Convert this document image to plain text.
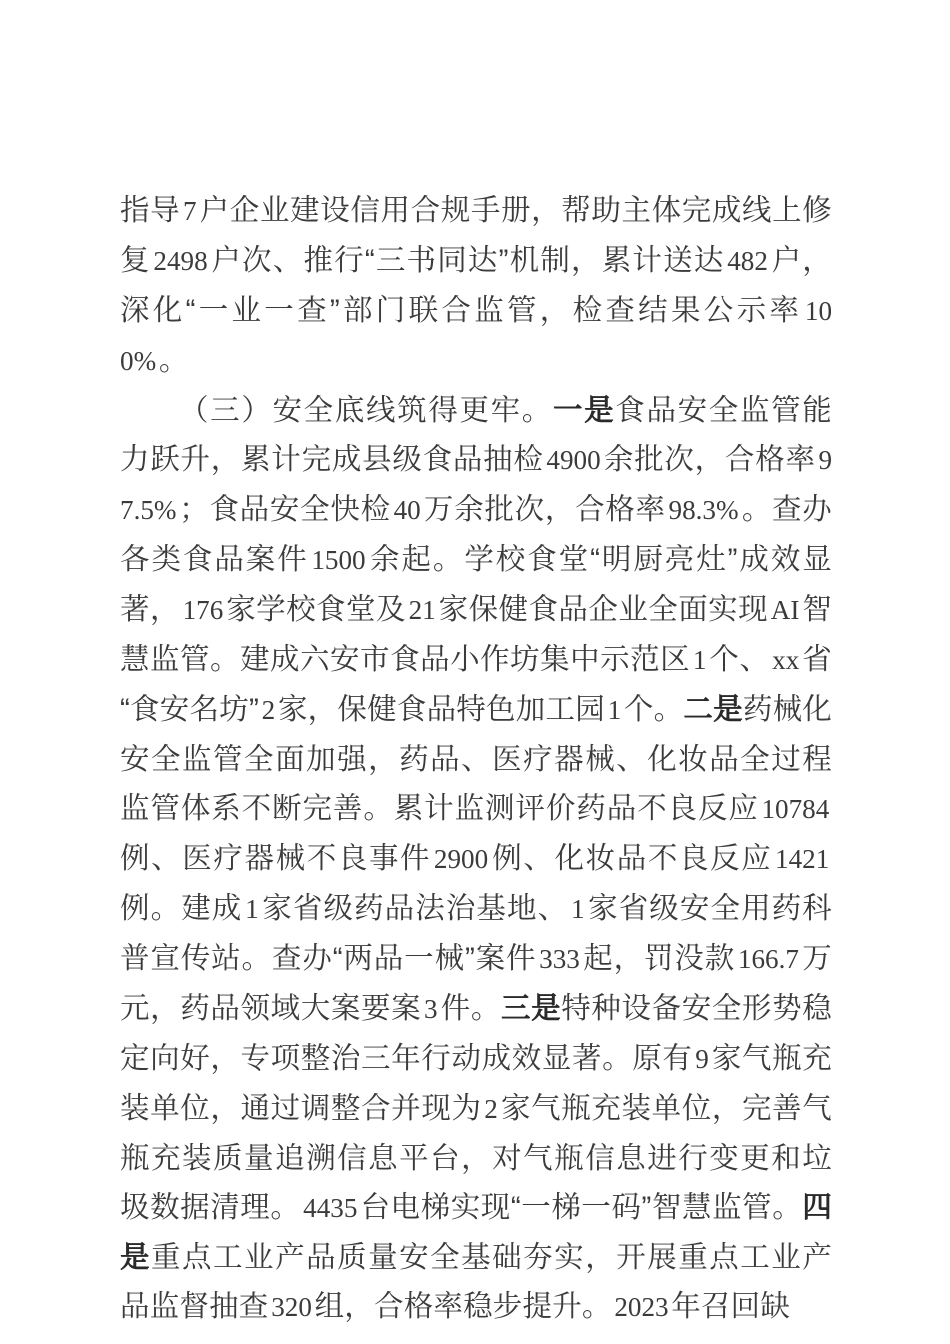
指导7户企业建设信用合规手册，帮助主体完成线上修复2498户次、推行“三书同达”机制，累计送达482户，深化“一业一查”部门联合监管，检查结果公示率100%。

（三）安全底线筑得更牢。一是食品安全监管能力跃升，累计完成县级食品抽检4900余批次，合格率97.5%；食品安全快检40万余批次，合格率98.3%。查办各类食品案件1500余起。学校食堂“明厨亮灶”成效显著，176家学校食堂及21家保健食品企业全面实现AI智慧监管。建成六安市食品小作坊集中示范区1个、xx省“食安名坊”2家，保健食品特色加工园1个。二是药械化安全监管全面加强，药品、医疗器械、化妆品全过程监管体系不断完善。累计监测评价药品不良反应10784例、医疗器械不良事件2900例、化妆品不良反应1421例。建成1家省级药品法治基地、1家省级安全用药科普宣传站。查办“两品一械”案件333起，罚没款166.7万元，药品领域大案要案3件。三是特种设备安全形势稳定向好，专项整治三年行动成效显著。原有9家气瓶充装单位，通过调整合并现为2家气瓶充装单位，完善气瓶充装质量追溯信息平台，对气瓶信息进行变更和垃圾数据清理。4435台电梯实现“一梯一码”智慧监管。四是重点工业产品质量安全基础夯实，开展重点工业产品监督抽查320组，合格率稳步提升。2023年召回缺
